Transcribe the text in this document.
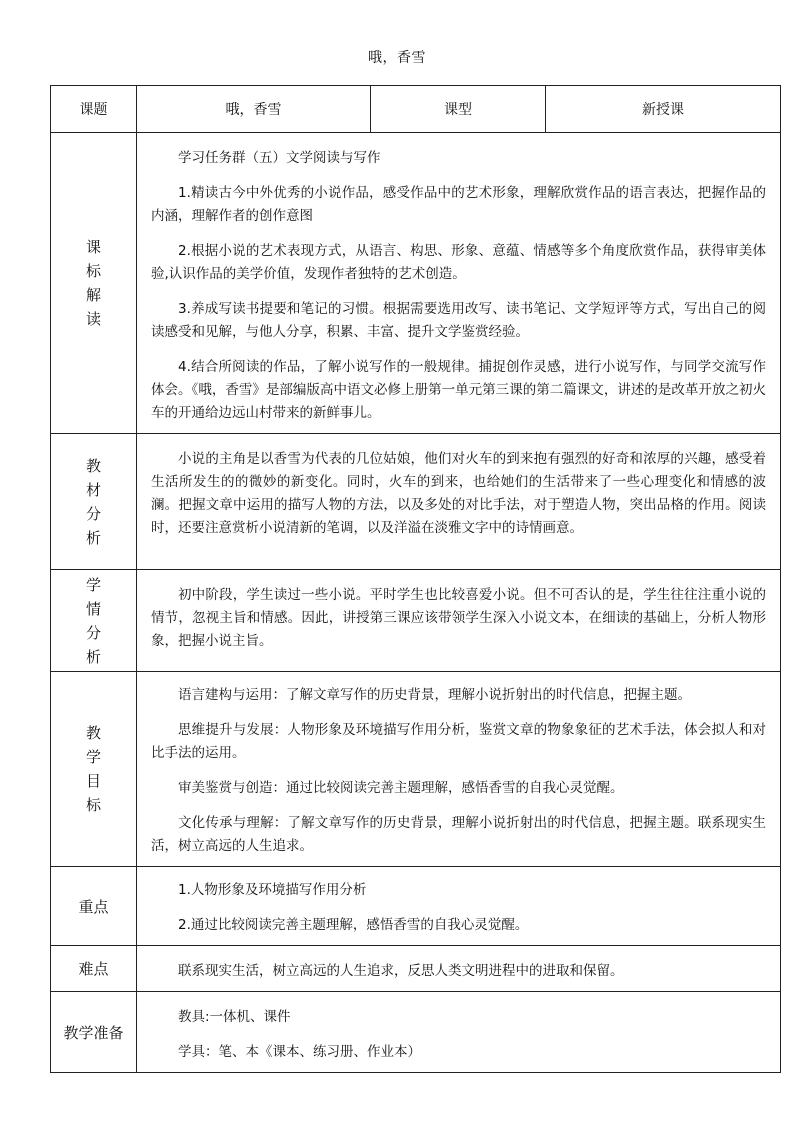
哦，香雪
课题	哦，香雪	课型	新授课
课标解读	学习任务群（五）文学阅读与写作

1.精读古今中外优秀的小说作品，感受作品中的艺术形象，理解欣赏作品的语言表达，把握作品的内涵，理解作者的创作意图

2.根据小说的艺术表现方式，从语言、构思、形象、意蕴、情感等多个角度欣赏作品，获得审美体验,认识作品的美学价值，发现作者独特的艺术创造。

3.养成写读书提要和笔记的习惯。根据需要选用改写、读书笔记、文学短评等方式，写出自己的阅读感受和见解，与他人分享，积累、丰富、提升文学鉴赏经验。

4.结合所阅读的作品，了解小说写作的一般规律。捕捉创作灵感，进行小说写作，与同学交流写作体会。《哦，香雪》是部编版高中语文必修上册第一单元第三课的第二篇课文，讲述的是改革开放之初火车的开通给边远山村带来的新鲜事儿。		

教材分析	小说的主角是以香雪为代表的几位姑娘，他们对火车的到来抱有强烈的好奇和浓厚的兴趣，感受着生活所发生的的微妙的新变化。同时，火车的到来，也给她们的生活带来了一些心理变化和情感的波澜。把握文章中运用的描写人物的方法，以及多处的对比手法，对于塑造人物，突出品格的作用。阅读时，还要注意赏析小说清新的笔调，以及洋溢在淡雅文字中的诗情画意。		

学情分析	初中阶段，学生读过一些小说。平时学生也比较喜爱小说。但不可否认的是，学生往往注重小说的情节，忽视主旨和情感。因此，讲授第三课应该带领学生深入小说文本，在细读的基础上，分析人物形象，把握小说主旨。		

教学目标	语言建构与运用：了解文章写作的历史背景，理解小说折射出的时代信息，把握主题。

思维提升与发展：人物形象及环境描写作用分析，鉴赏文章的物象象征的艺术手法，体会拟人和对比手法的运用。

审美鉴赏与创造：通过比较阅读完善主题理解，感悟香雪的自我心灵觉醒。

文化传承与理解：了解文章写作的历史背景，理解小说折射出的时代信息，把握主题。联系现实生活，树立高远的人生追求。		

重点	1.人物形象及环境描写作用分析

2.通过比较阅读完善主题理解，感悟香雪的自我心灵觉醒。		

难点	联系现实生活，树立高远的人生追求，反思人类文明进程中的进取和保留。		

教学准备	教具:一体机、课件

学具：笔、本《课本、练习册、作业本）		
